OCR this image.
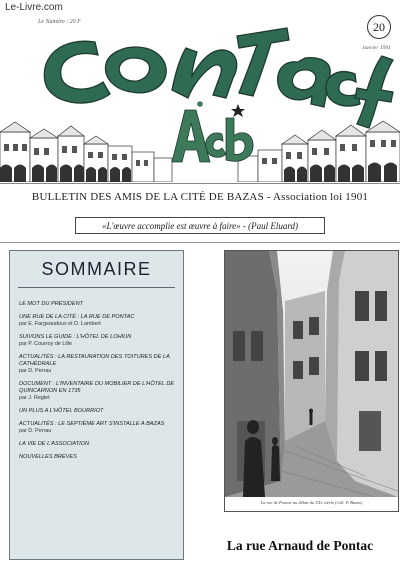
Le-Livre.com
Le Numéro : 20 F	20
Janvier 1991
BULLETIN DES AMIS DE LA CITÉ DE BAZAS - Association loi 1901
«L'œuvre accomplie est œuvre à faire» - (Paul Eluard)
SOMMAIRE
LE MOT DU PRÉSIDENT
UNE RUE DE LA CITÉ : LA RUE DE PONTAC
par E. Fargeaudoux et D. Lambert
SUIVONS LE GUIDE : L'HÔTEL DE LOHIUN
par P. Courroy de Lille
ACTUALITÉS : LA RESTAURATION DES TOITURES DE LA CATHÉDRALE
par D. Perrau
DOCUMENT : L'INVENTAIRE DU MOBILIER DE L'HÔTEL DE QUINCARNON EN 1735
par J. Reglet
UN PLUS A L'HÔTEL BOURRIOT
ACTUALITÉS : LE SEPTIÈME ART S'INSTALLE A BAZAS
par D. Perrau
LA VIE DE L'ASSOCIATION
NOUVELLES BRÈVES
La rue de Pontac au début du XXe siècle (coll. P. Bazas)
La rue Arnaud de Pontac
